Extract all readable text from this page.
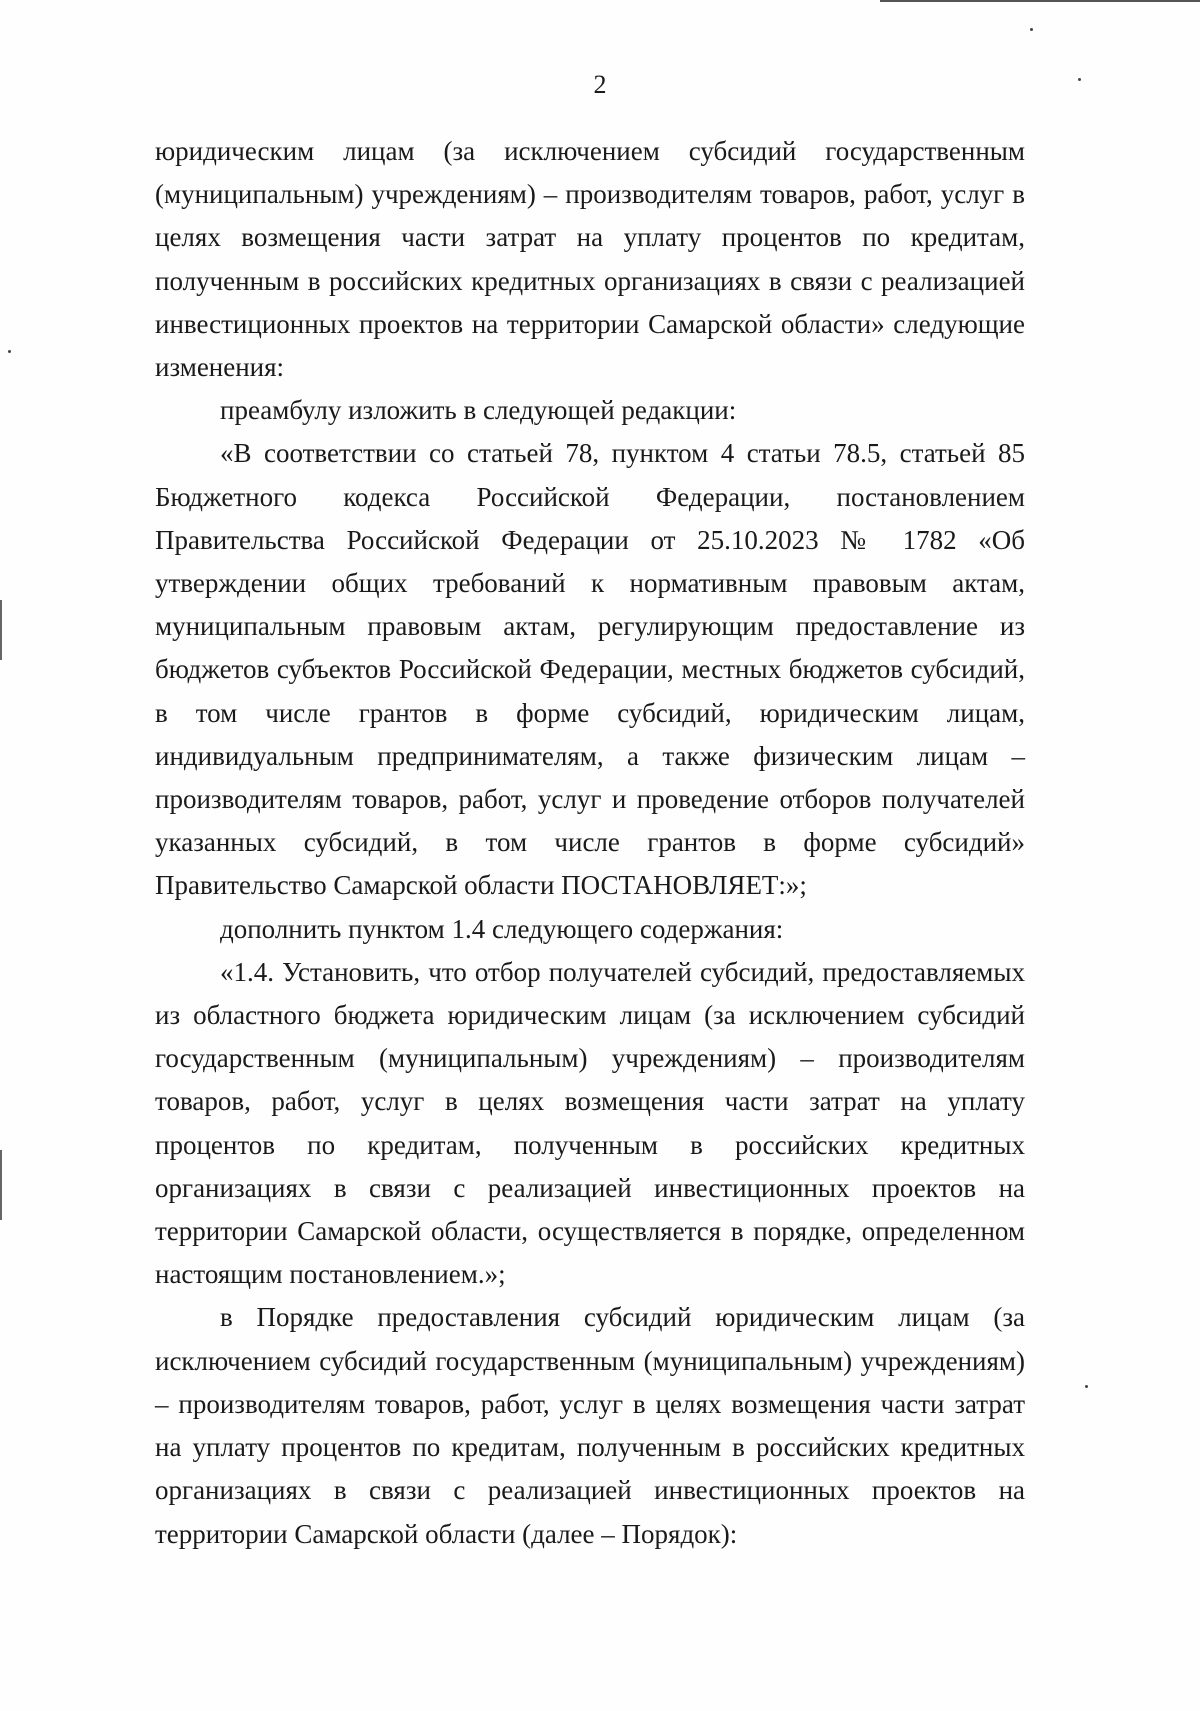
2

юридическим лицам (за исключением субсидий государственным (муниципальным) учреждениям) – производителям товаров, работ, услуг в целях возмещения части затрат на уплату процентов по кредитам, полученным в российских кредитных организациях в связи с реализацией инвестиционных проектов на территории Самарской области» следующие изменения:

преамбулу изложить в следующей редакции:

«В соответствии со статьей 78, пунктом 4 статьи 78.5, статьей 85 Бюджетного кодекса Российской Федерации, постановлением Правительства Российской Федерации от 25.10.2023 № 1782 «Об утверждении общих требований к нормативным правовым актам, муниципальным правовым актам, регулирующим предоставление из бюджетов субъектов Российской Федерации, местных бюджетов субсидий, в том числе грантов в форме субсидий, юридическим лицам, индивидуальным предпринимателям, а также физическим лицам – производителям товаров, работ, услуг и проведение отборов получателей указанных субсидий, в том числе грантов в форме субсидий» Правительство Самарской области ПОСТАНОВЛЯЕТ:»;

дополнить пунктом 1.4 следующего содержания:

«1.4. Установить, что отбор получателей субсидий, предоставляемых из областного бюджета юридическим лицам (за исключением субсидий государственным (муниципальным) учреждениям) – производителям товаров, работ, услуг в целях возмещения части затрат на уплату процентов по кредитам, полученным в российских кредитных организациях в связи с реализацией инвестиционных проектов на территории Самарской области, осуществляется в порядке, определенном настоящим постановлением.»;

в Порядке предоставления субсидий юридическим лицам (за исключением субсидий государственным (муниципальным) учреждениям) – производителям товаров, работ, услуг в целях возмещения части затрат на уплату процентов по кредитам, полученным в российских кредитных организациях в связи с реализацией инвестиционных проектов на территории Самарской области (далее – Порядок):
